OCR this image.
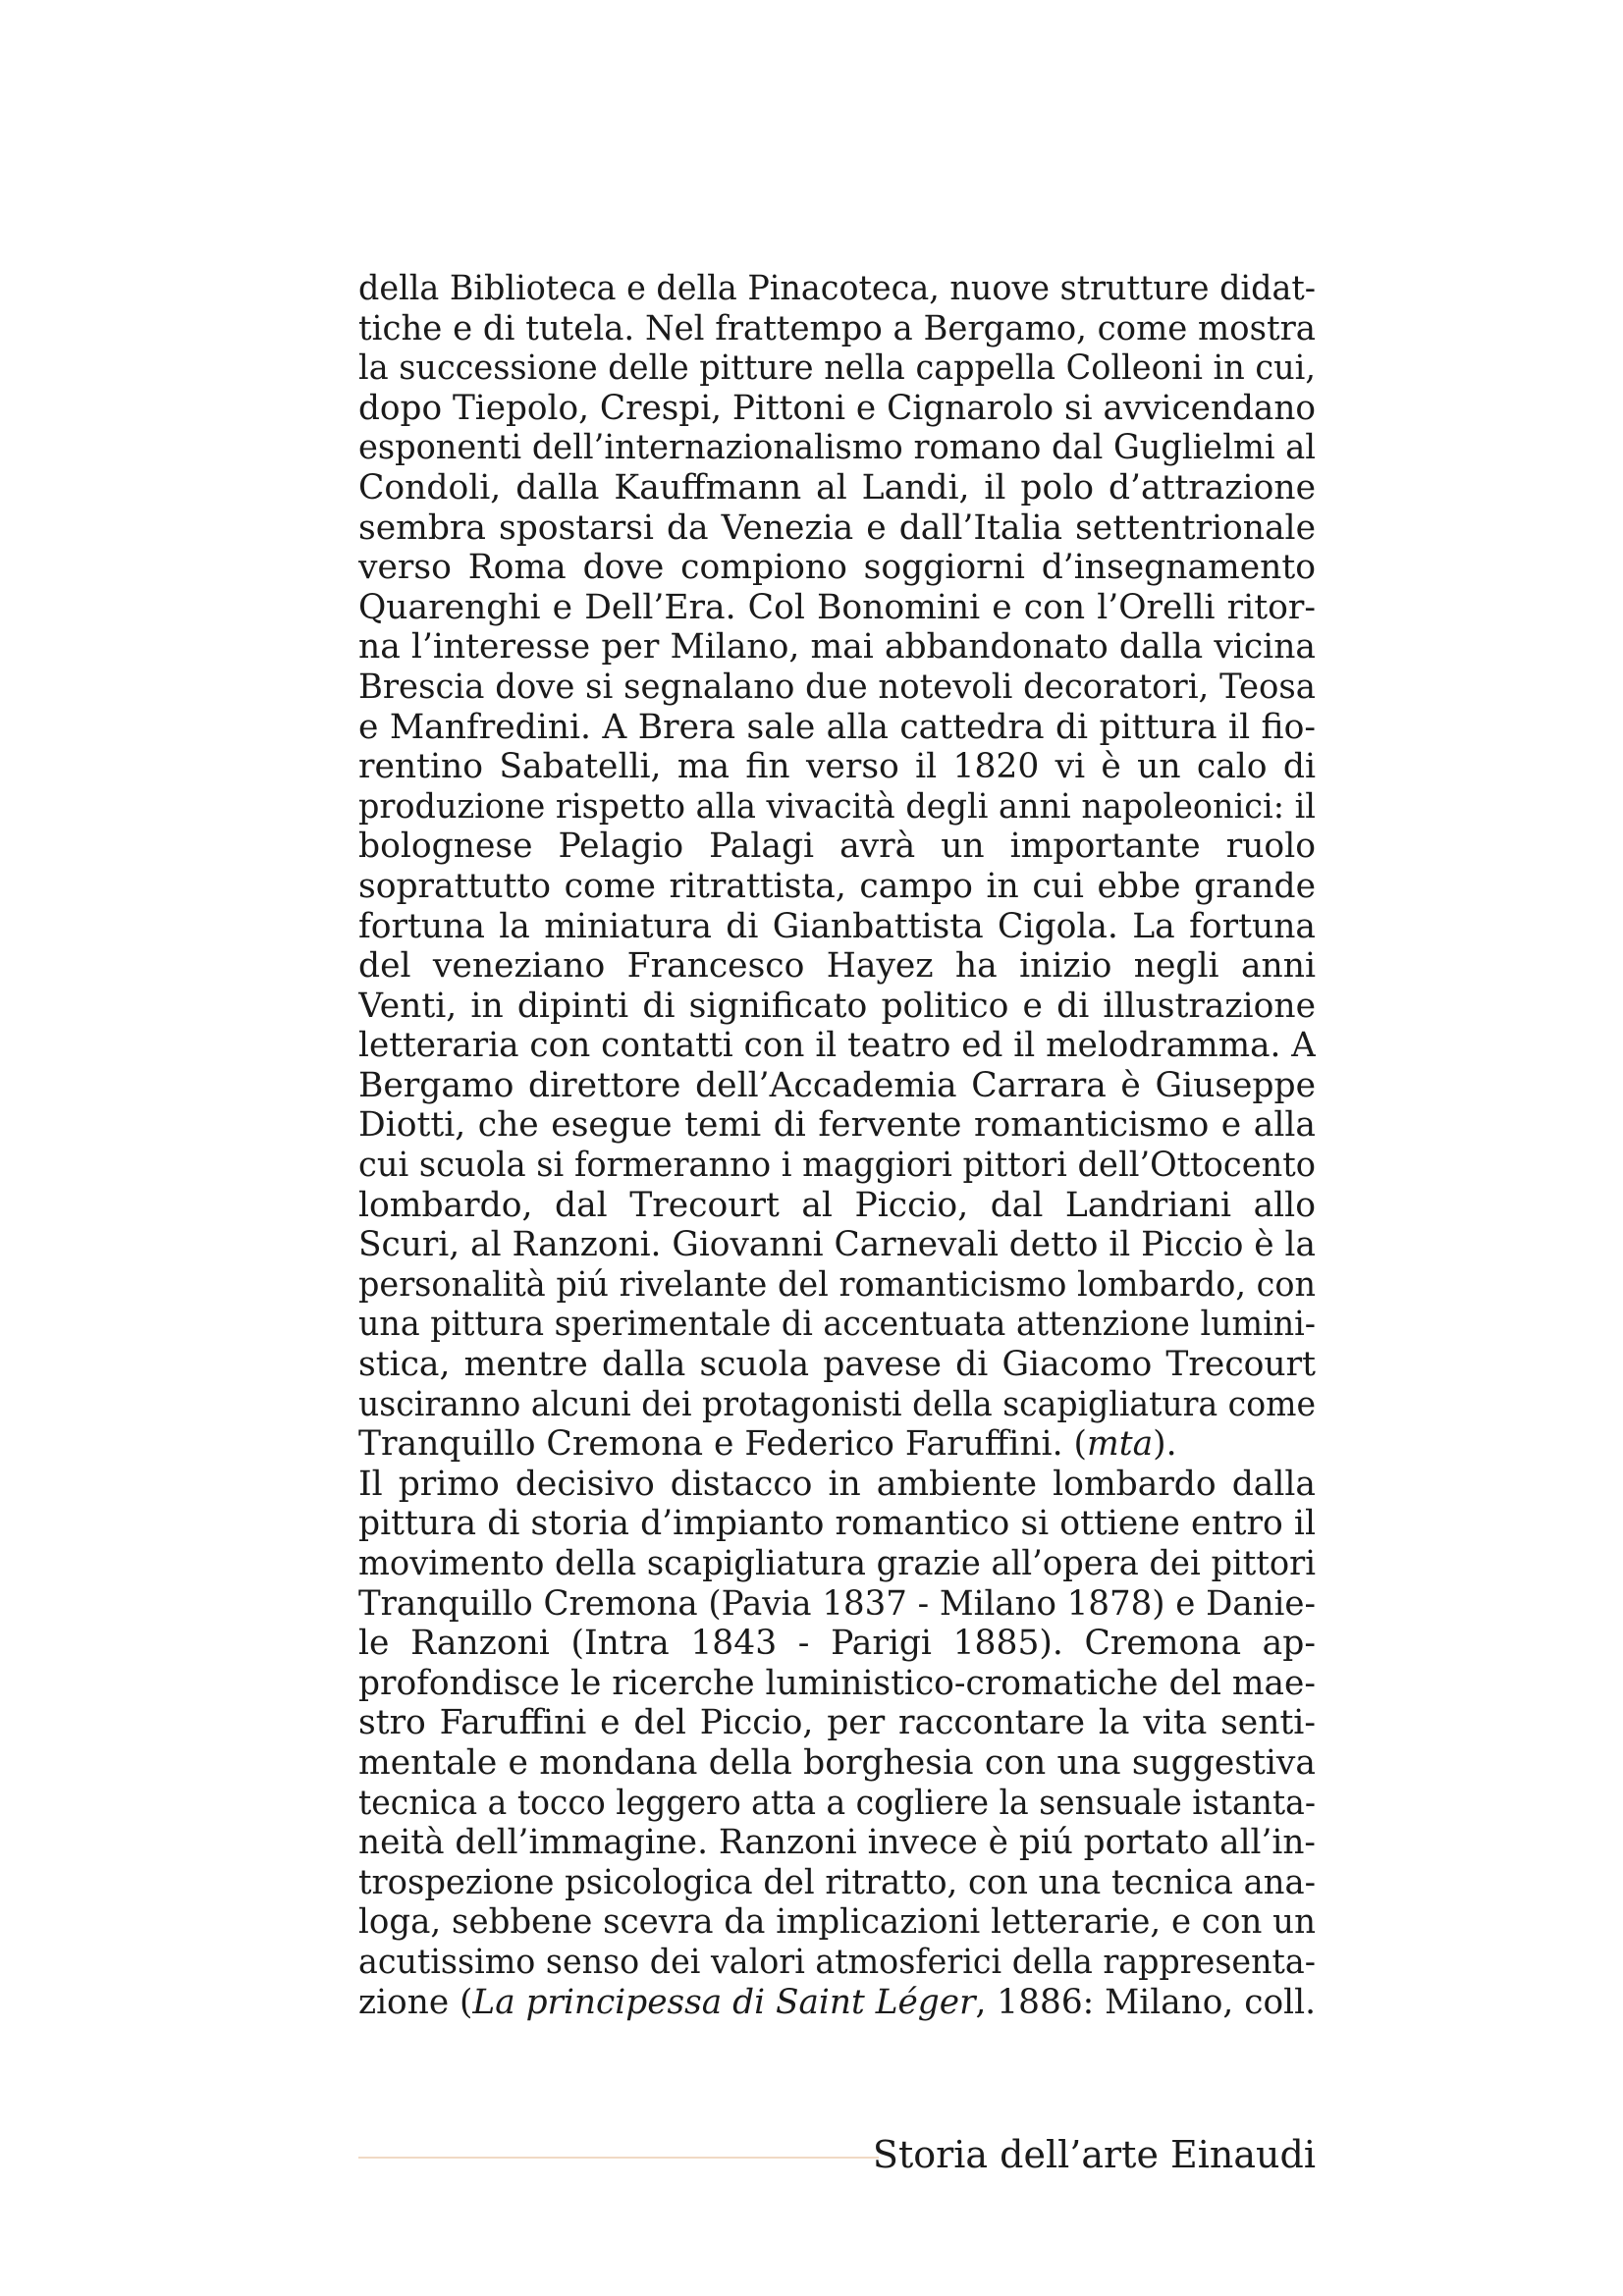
della Biblioteca e della Pinacoteca, nuove strutture didat-
tiche e di tutela. Nel frattempo a Bergamo, come mostra
la successione delle pitture nella cappella Colleoni in cui,
dopo Tiepolo, Crespi, Pittoni e Cignarolo si avvicendano
esponenti dell’internazionalismo romano dal Guglielmi al
Condoli, dalla Kauffmann al Landi, il polo d’attrazione
sembra spostarsi da Venezia e dall’Italia settentrionale
verso Roma dove compiono soggiorni d’insegnamento
Quarenghi e Dell’Era. Col Bonomini e con l’Orelli ritor-
na l’interesse per Milano, mai abbandonato dalla vicina
Brescia dove si segnalano due notevoli decoratori, Teosa
e Manfredini. A Brera sale alla cattedra di pittura il fio-
rentino Sabatelli, ma fin verso il 1820 vi è un calo di
produzione rispetto alla vivacità degli anni napoleonici: il
bolognese Pelagio Palagi avrà un importante ruolo
soprattutto come ritrattista, campo in cui ebbe grande
fortuna la miniatura di Gianbattista Cigola. La fortuna
del veneziano Francesco Hayez ha inizio negli anni
Venti, in dipinti di significato politico e di illustrazione
letteraria con contatti con il teatro ed il melodramma. A
Bergamo direttore dell’Accademia Carrara è Giuseppe
Diotti, che esegue temi di fervente romanticismo e alla
cui scuola si formeranno i maggiori pittori dell’Ottocento
lombardo, dal Trecourt al Piccio, dal Landriani allo
Scuri, al Ranzoni. Giovanni Carnevali detto il Piccio è la
personalità piú rivelante del romanticismo lombardo, con
una pittura sperimentale di accentuata attenzione lumini-
stica, mentre dalla scuola pavese di Giacomo Trecourt
usciranno alcuni dei protagonisti della scapigliatura come
Tranquillo Cremona e Federico Faruffini. (mta).
Il primo decisivo distacco in ambiente lombardo dalla
pittura di storia d’impianto romantico si ottiene entro il
movimento della scapigliatura grazie all’opera dei pittori
Tranquillo Cremona (Pavia 1837 - Milano 1878) e Danie-
le Ranzoni (Intra 1843 - Parigi 1885). Cremona ap-
profondisce le ricerche luministico-cromatiche del mae-
stro Faruffini e del Piccio, per raccontare la vita senti-
mentale e mondana della borghesia con una suggestiva
tecnica a tocco leggero atta a cogliere la sensuale istanta-
neità dell’immagine. Ranzoni invece è piú portato all’in-
trospezione psicologica del ritratto, con una tecnica ana-
loga, sebbene scevra da implicazioni letterarie, e con un
acutissimo senso dei valori atmosferici della rappresenta-
zione (La principessa di Saint Léger, 1886: Milano, coll.
Storia dell’arte Einaudi
